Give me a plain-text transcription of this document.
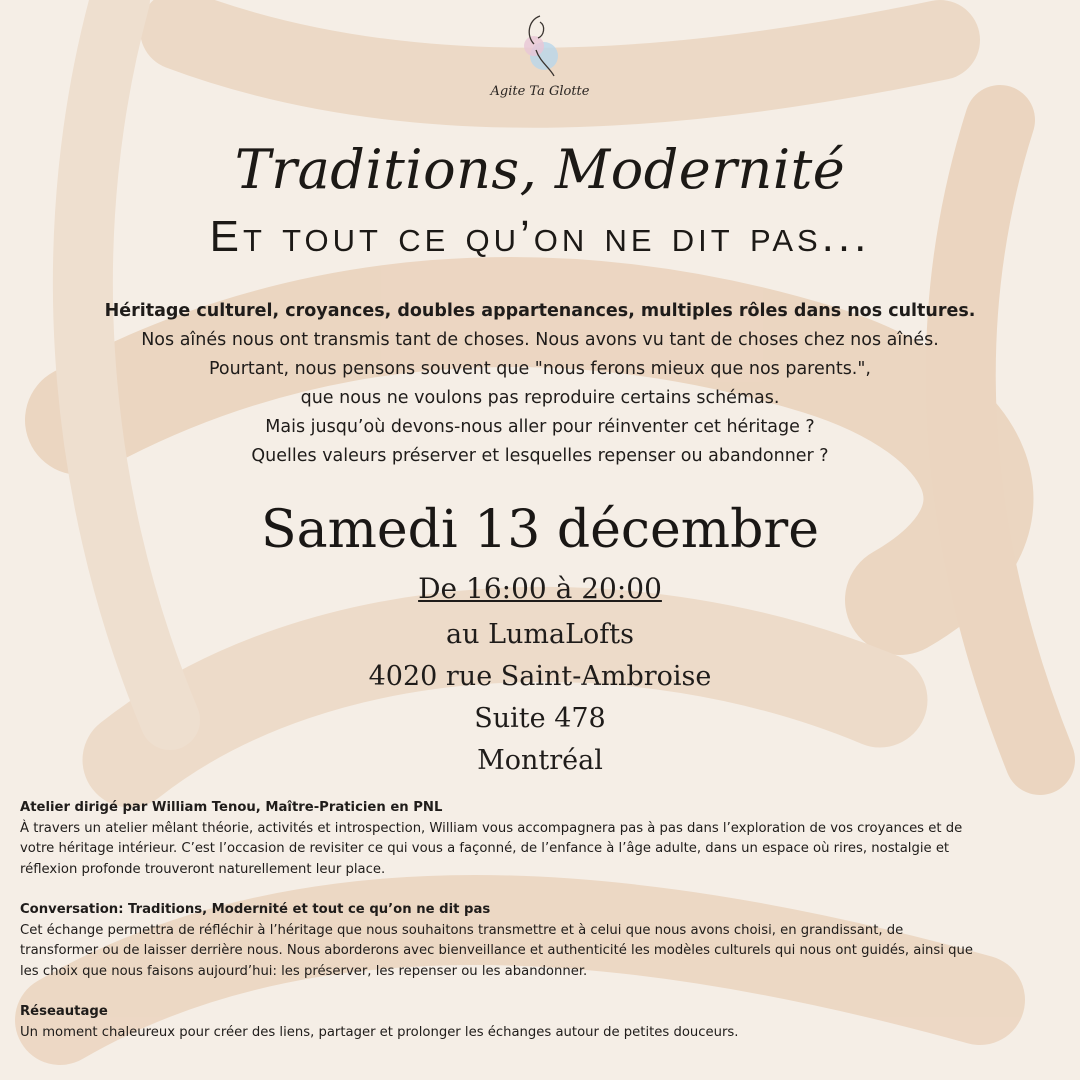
Agite Ta Glotte
Traditions, Modernité
Et tout ce qu’on ne dit pas...
Héritage culturel, croyances, doubles appartenances, multiples rôles dans nos cultures.
Nos aînés nous ont transmis tant de choses. Nous avons vu tant de choses chez nos aînés.
Pourtant, nous pensons souvent que "nous ferons mieux que nos parents.",
que nous ne voulons pas reproduire certains schémas.
Mais jusqu’où devons-nous aller pour réinventer cet héritage ?
Quelles valeurs préserver et lesquelles repenser ou abandonner ?
Samedi 13 décembre
De 16:00 à 20:00
au LumaLofts
4020 rue Saint-Ambroise
Suite 478
Montréal
Atelier dirigé par William Tenou, Maître-Praticien en PNL
À travers un atelier mêlant théorie, activités et introspection, William vous accompagnera pas à pas dans l’exploration de vos croyances et de
votre héritage intérieur. C’est l’occasion de revisiter ce qui vous a façonné, de l’enfance à l’âge adulte, dans un espace où rires, nostalgie et
réflexion profonde trouveront naturellement leur place.
Conversation: Traditions, Modernité et tout ce qu’on ne dit pas
Cet échange permettra de réfléchir à l’héritage que nous souhaitons transmettre et à celui que nous avons choisi, en grandissant, de
transformer ou de laisser derrière nous. Nous aborderons avec bienveillance et authenticité les modèles culturels qui nous ont guidés, ainsi que
les choix que nous faisons aujourd’hui: les préserver, les repenser ou les abandonner.
Réseautage
Un moment chaleureux pour créer des liens, partager et prolonger les échanges autour de petites douceurs.
